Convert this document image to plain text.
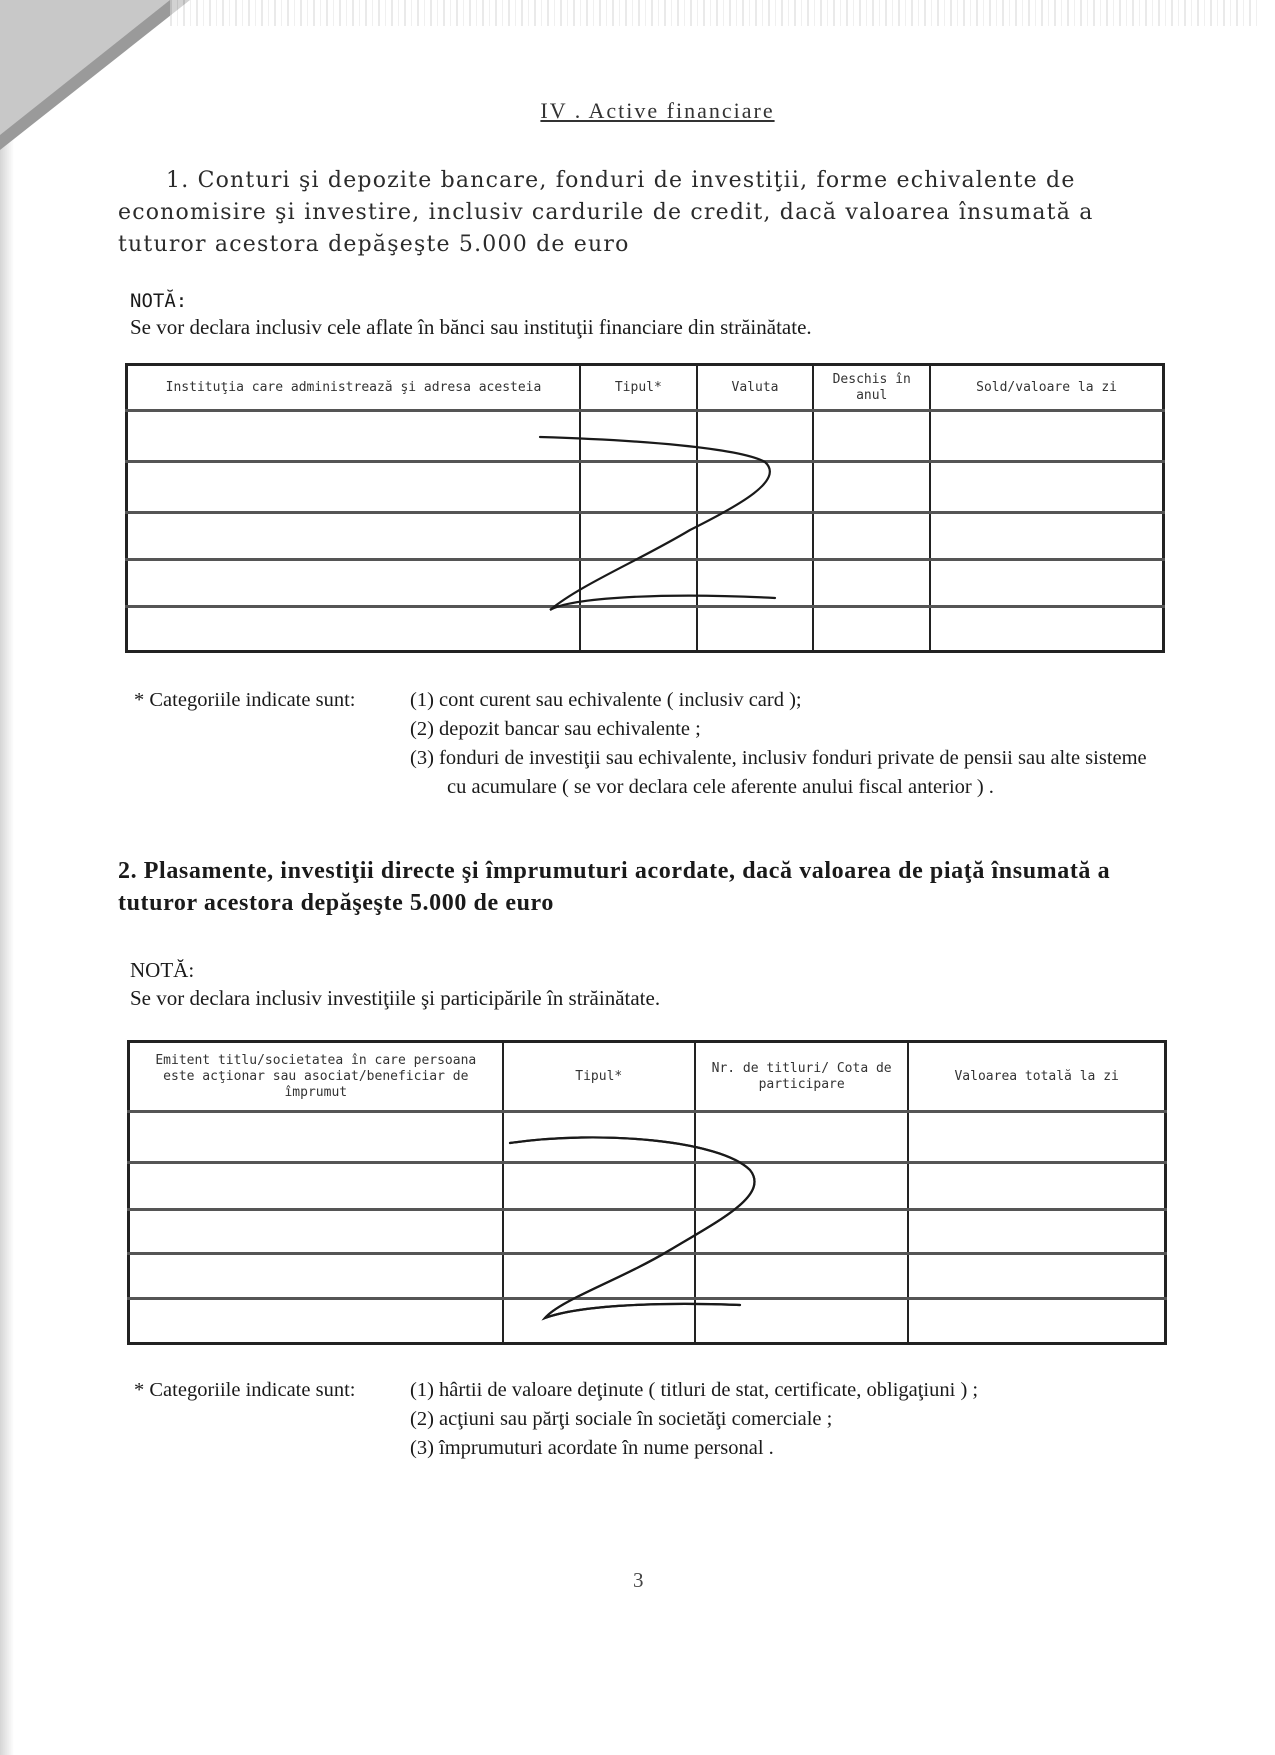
IV . Active financiare
1. Conturi şi depozite bancare, fonduri de investiţii, forme echivalente de economisire şi investire, inclusiv cardurile de credit, dacă valoarea însumată a tuturor acestora depăşeşte 5.000 de euro
NOTĂ:
Se vor declara inclusiv cele aflate în bănci sau instituţii financiare din străinătate.
Instituţia care administrează şi adresa acesteia	Tipul*	Valuta	Deschis în anul	Sold/valoare la zi

* Categoriile indicate sunt:	(1) cont curent sau echivalente ( inclusiv card );
(2) depozit bancar sau echivalente ;
(3) fonduri de investiţii sau echivalente, inclusiv fonduri private de pensii sau alte sisteme cu acumulare ( se vor declara cele aferente anului fiscal anterior ) .
2. Plasamente, investiţii directe şi împrumuturi acordate, dacă valoarea de piaţă însumată a tuturor acestora depăşeşte 5.000 de euro
NOTĂ:
Se vor declara inclusiv investiţiile şi participările în străinătate.
Emitent titlu/societatea în care persoana este acţionar sau asociat/beneficiar de împrumut	Tipul*	Nr. de titluri/ Cota de participare	Valoarea totală la zi

* Categoriile indicate sunt:	(1) hârtii de valoare deţinute ( titluri de stat, certificate, obligaţiuni ) ;
(2) acţiuni sau părţi sociale în societăţi comerciale ;
(3) împrumuturi acordate în nume personal .
3
